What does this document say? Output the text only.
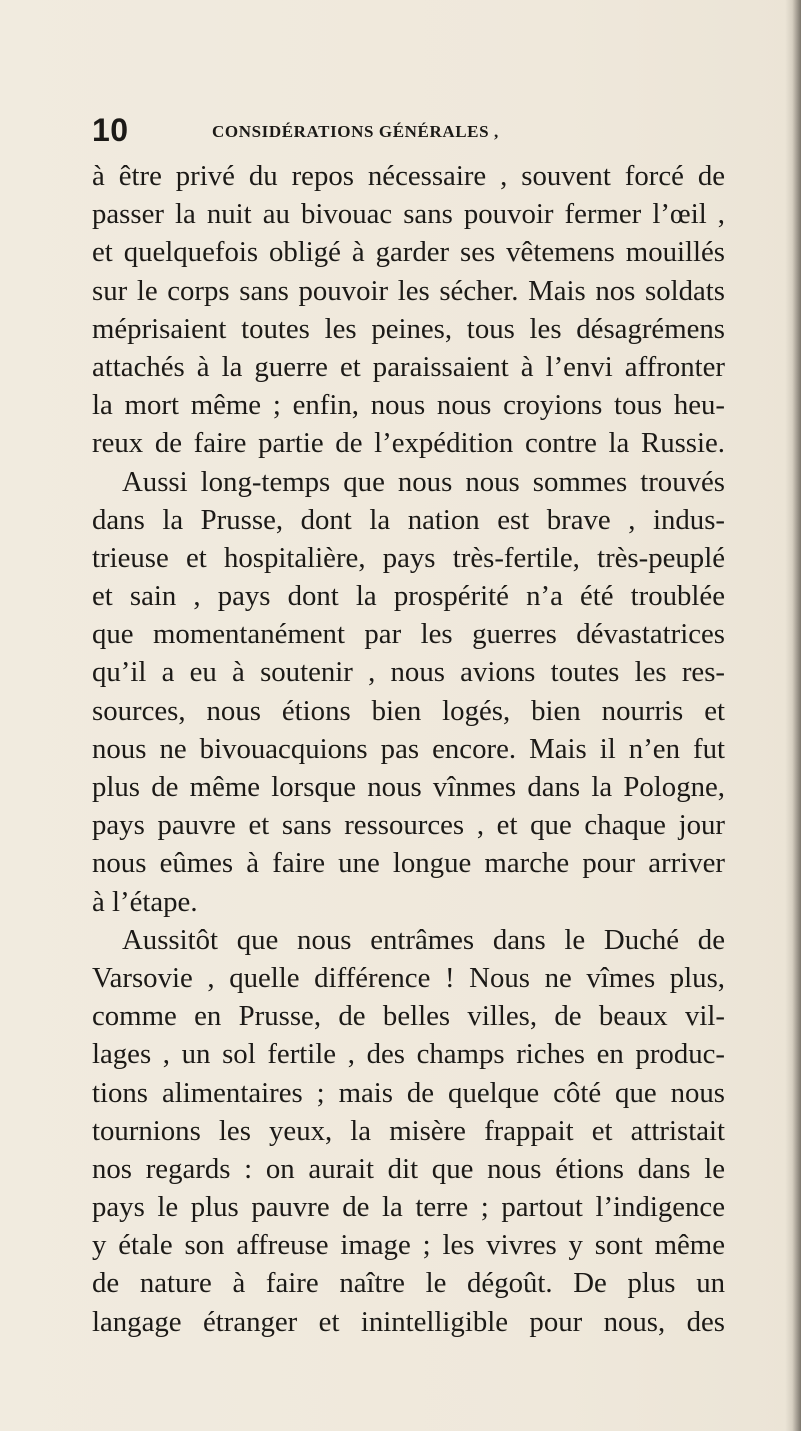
10	CONSIDÉRATIONS GÉNÉRALES ,
à être privé du repos nécessaire , souvent forcé de
passer la nuit au bivouac sans pouvoir fermer l’œil ,
et quelquefois obligé à garder ses vêtemens mouillés
sur le corps sans pouvoir les sécher. Mais nos soldats
méprisaient toutes les peines, tous les désagrémens
attachés à la guerre et paraissaient à l’envi affronter
la mort même ; enfin, nous nous croyions tous heu-
reux de faire partie de l’expédition contre la Russie.
Aussi long-temps que nous nous sommes trouvés
dans la Prusse, dont la nation est brave , indus-
trieuse et hospitalière, pays très-fertile, très-peuplé
et sain , pays dont la prospérité n’a été troublée
que momentanément par les guerres dévastatrices
qu’il a eu à soutenir , nous avions toutes les res-
sources, nous étions bien logés, bien nourris et
nous ne bivouacquions pas encore. Mais il n’en fut
plus de même lorsque nous vînmes dans la Pologne,
pays pauvre et sans ressources , et que chaque jour
nous eûmes à faire une longue marche pour arriver
à l’étape.
Aussitôt que nous entrâmes dans le Duché de
Varsovie , quelle différence ! Nous ne vîmes plus,
comme en Prusse, de belles villes, de beaux vil-
lages , un sol fertile , des champs riches en produc-
tions alimentaires ; mais de quelque côté que nous
tournions les yeux, la misère frappait et attristait
nos regards : on aurait dit que nous étions dans le
pays le plus pauvre de la terre ; partout l’indigence
y étale son affreuse image ; les vivres y sont même
de nature à faire naître le dégoût. De plus un
langage étranger et inintelligible pour nous, des
